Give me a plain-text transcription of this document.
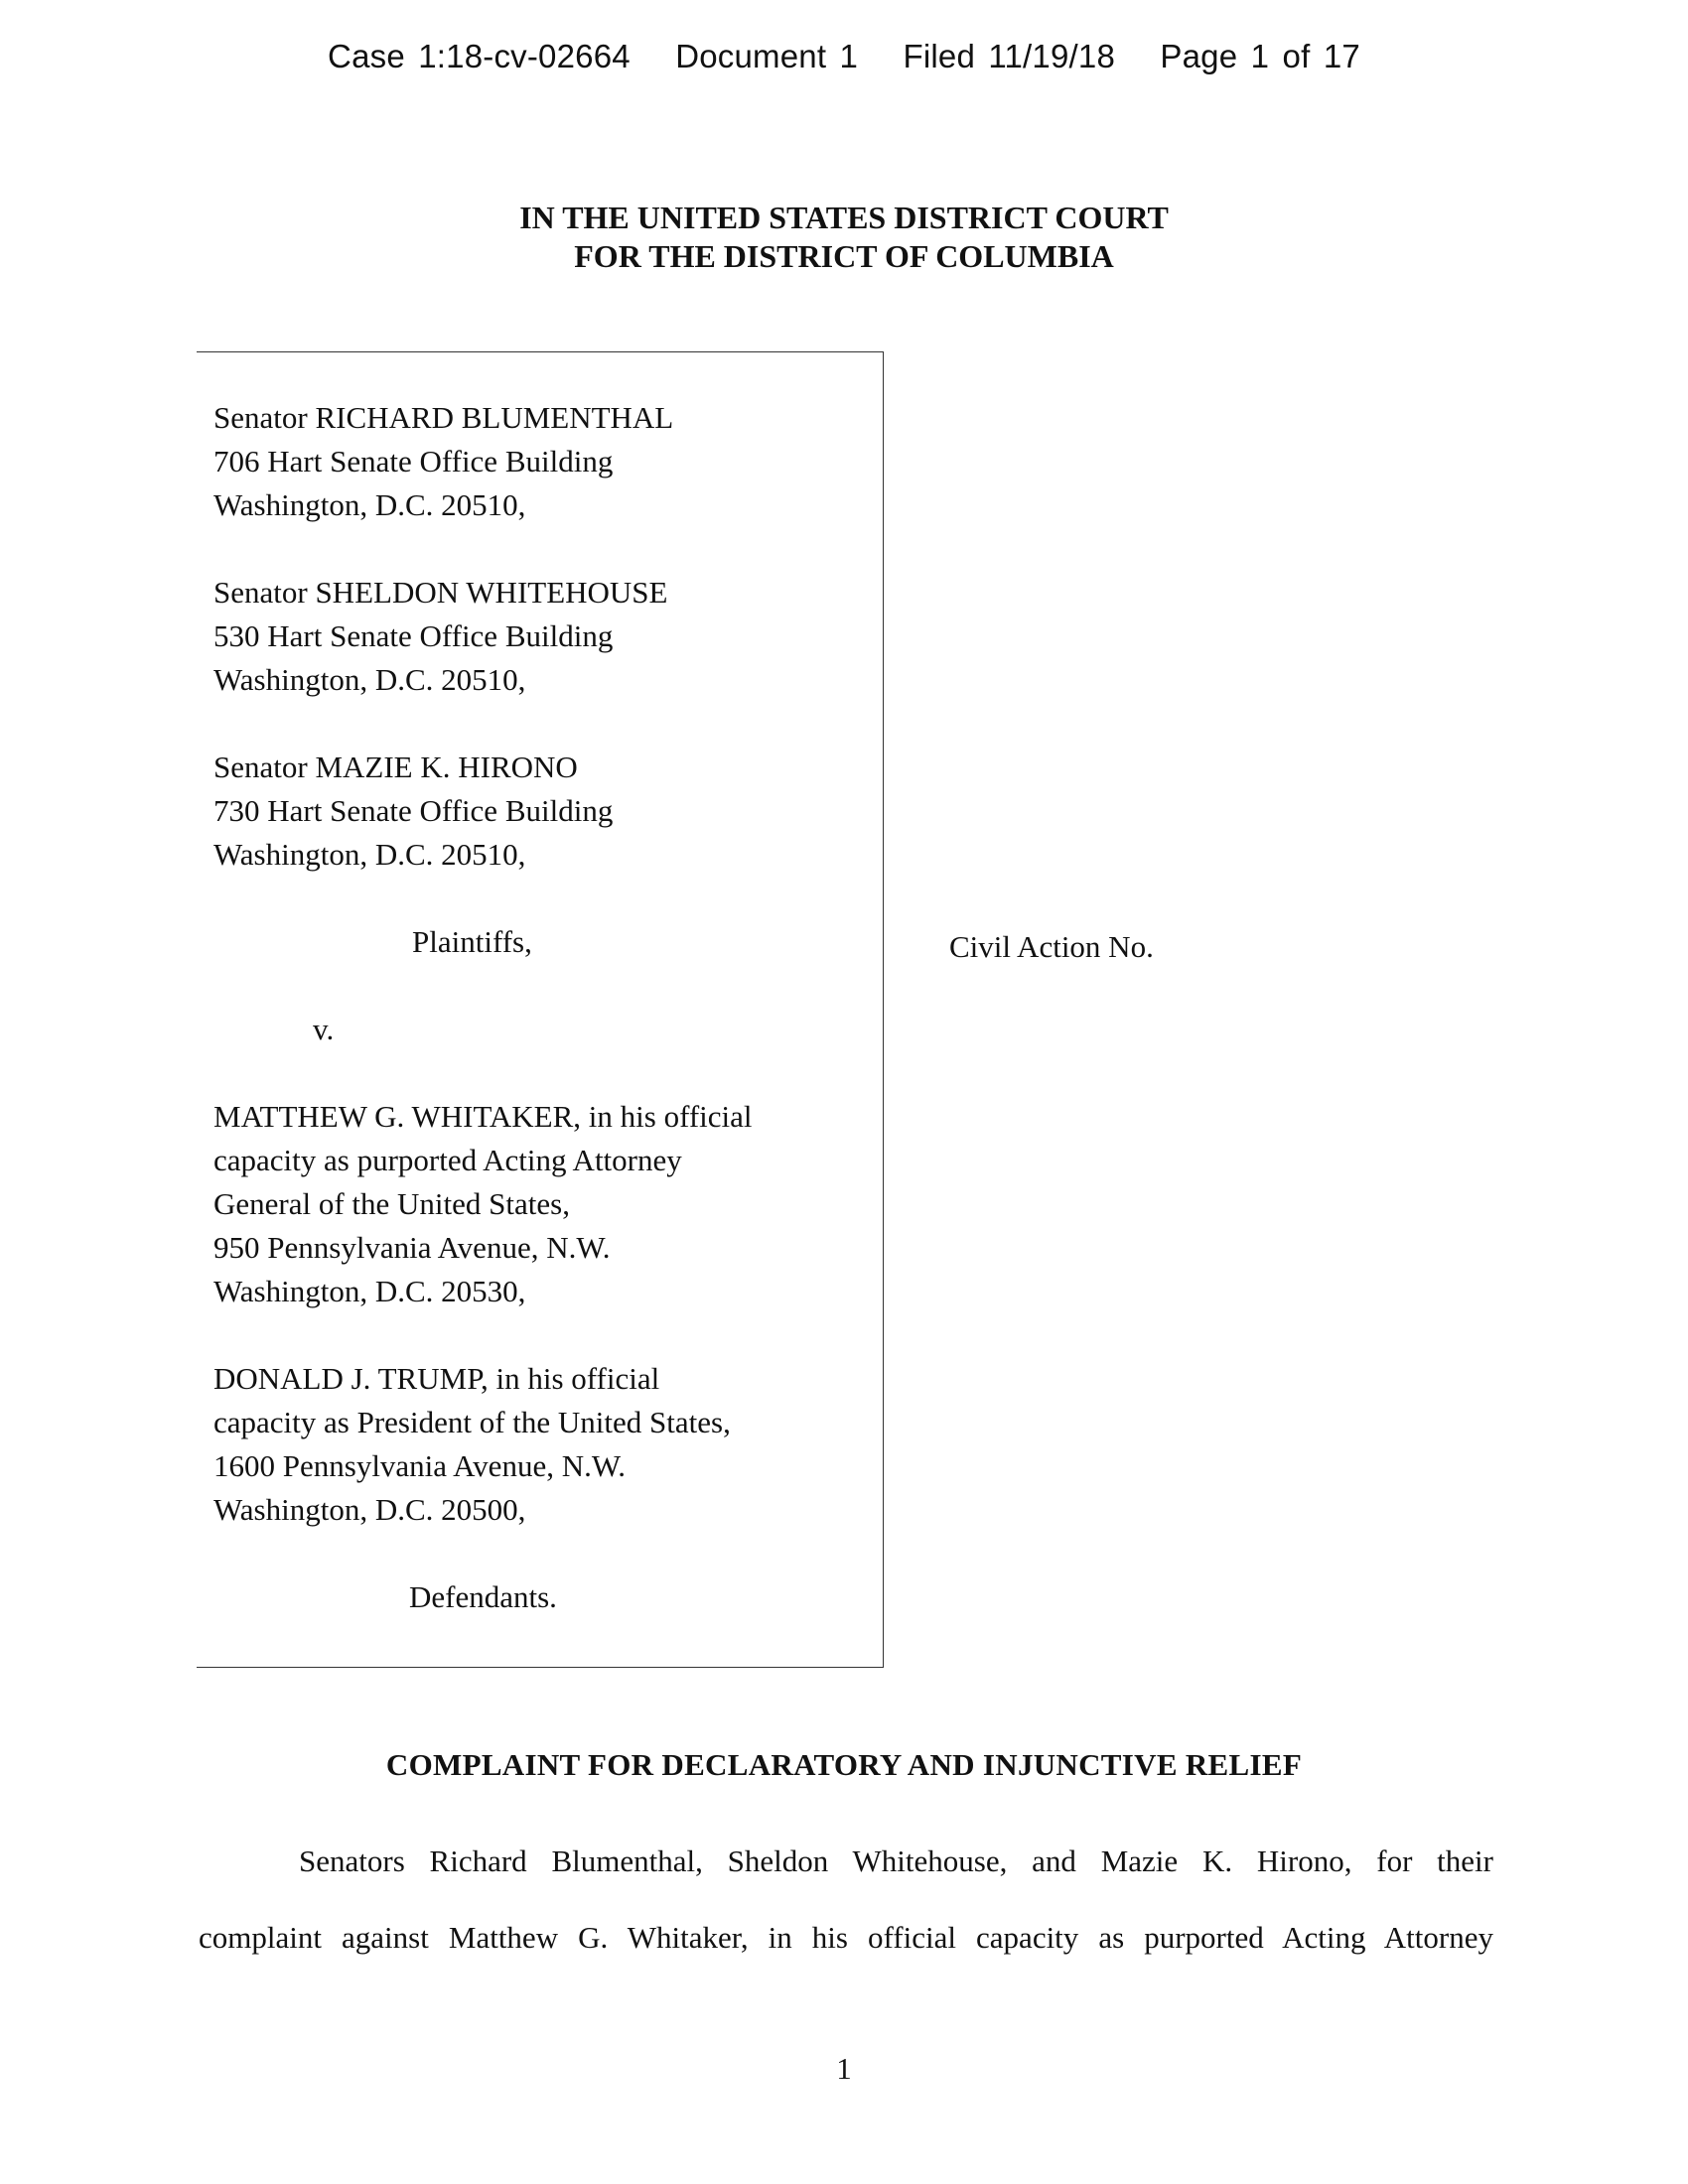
Case 1:18-cv-02664 Document 1 Filed 11/19/18 Page 1 of 17
IN THE UNITED STATES DISTRICT COURT
FOR THE DISTRICT OF COLUMBIA
Senator RICHARD BLUMENTHAL
706 Hart Senate Office Building
Washington, D.C. 20510,
Senator SHELDON WHITEHOUSE
530 Hart Senate Office Building
Washington, D.C. 20510,
Senator MAZIE K. HIRONO
730 Hart Senate Office Building
Washington, D.C. 20510,
Plaintiffs,
v.
MATTHEW G. WHITAKER, in his official
capacity as purported Acting Attorney
General of the United States,
950 Pennsylvania Avenue, N.W.
Washington, D.C. 20530,
DONALD J. TRUMP, in his official
capacity as President of the United States,
1600 Pennsylvania Avenue, N.W.
Washington, D.C. 20500,
Defendants.
Civil Action No.
COMPLAINT FOR DECLARATORY AND INJUNCTIVE RELIEF
Senators Richard Blumenthal, Sheldon Whitehouse, and Mazie K. Hirono, for their
complaint against Matthew G. Whitaker, in his official capacity as purported Acting Attorney
1
